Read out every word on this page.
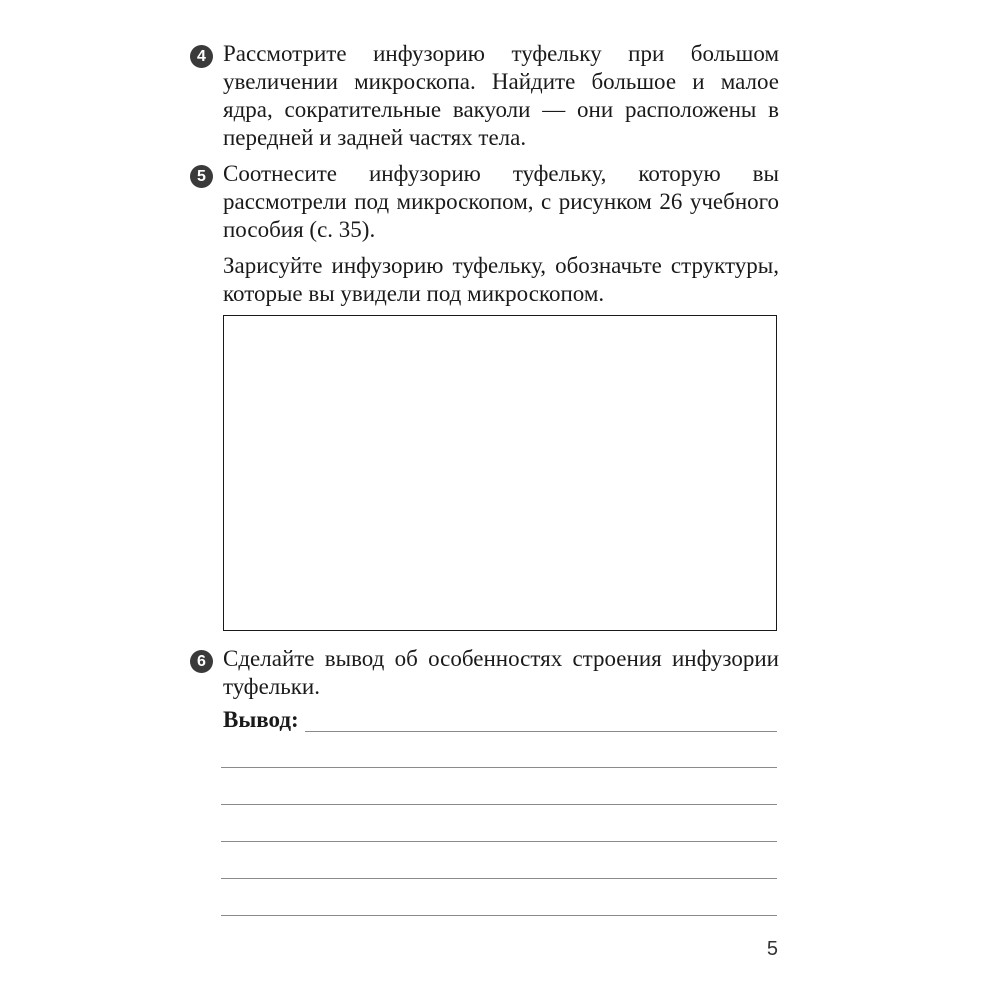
4 Рассмотрите инфузорию туфельку при большом увеличении микроскопа. Найдите большое и малое ядра, сократительные вакуоли — они расположены в передней и задней частях тела.

5 Соотнесите инфузорию туфельку, которую вы рассмотрели под микроскопом, с рисунком 26 учебного пособия (с. 35).

Зарисуйте инфузорию туфельку, обозначьте структуры, которые вы увидели под микроскопом.

6 Сделайте вывод об особенностях строения инфузории туфельки.

Вывод:
5
